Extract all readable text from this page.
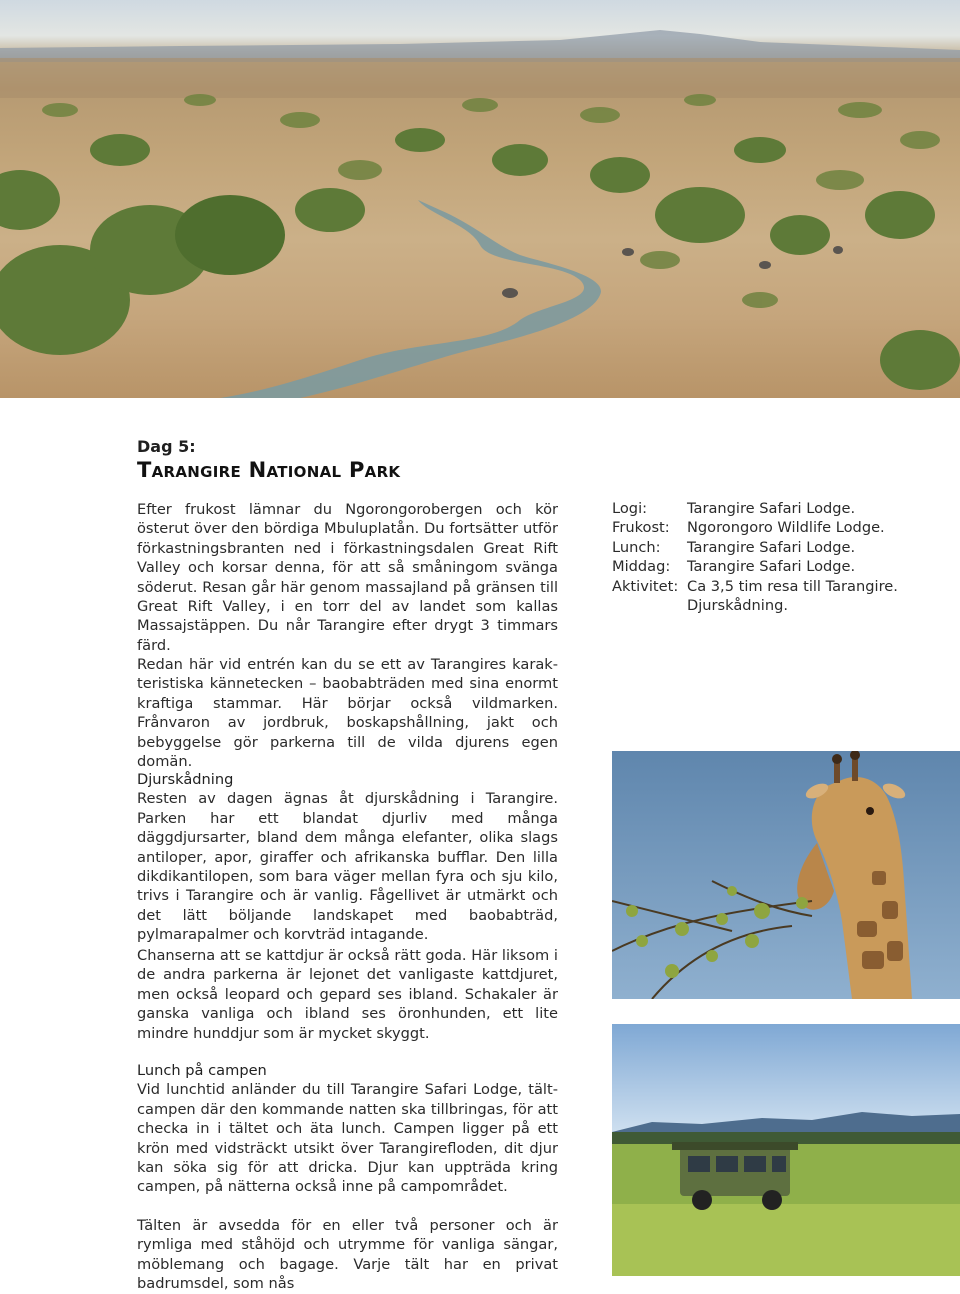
Dag 5:
Tarangire National Park

Efter frukost lämnar du Ngorongorobergen och kör österut över den bördiga Mbuluplatån. Du fortsätter utför förkastningsbranten ned i förkastningsdalen Great Rift Valley och korsar denna, för att så småningom svänga söderut. Resan går här genom massajland på gränsen till Great Rift Valley, i en torr del av landet som kallas Massajstäppen. Du når Tarangire efter drygt 3 timmars färd.

Redan här vid entrén kan du se ett av Tarangires karakteristiska kännetecken – baobabträden med sina enormt kraftiga stammar. Här börjar också vildmarken. Frånvaron av jordbruk, boskapshållning, jakt och bebyggelse gör parkerna till de vilda djurens egen domän.

Djurskådning

Resten av dagen ägnas åt djurskådning i Tarangire. Parken har ett blandat djurliv med många däggdjursarter, bland dem många elefanter, olika slags antiloper, apor, giraffer och afrikanska bufflar. Den lilla dikdikantilopen, som bara väger mellan fyra och sju kilo, trivs i Tarangire och är vanlig. Fågellivet är utmärkt och det lätt böljande landskapet med baobabträd, pylmarapalmer och korvträd intagande.

Chanserna att se kattdjur är också rätt goda. Här liksom i de andra parkerna är lejonet det vanligaste kattdjuret, men också leopard och gepard ses ibland. Schakaler är ganska vanliga och ibland ses öronhunden, ett lite mindre hunddjur som är mycket skyggt.

Lunch på campen

Vid lunchtid anländer du till Tarangire Safari Lodge, tältcampen där den kommande natten ska tillbringas, för att checka in i tältet och äta lunch. Campen ligger på ett krön med vidsträckt utsikt över Tarangirefloden, dit djur kan söka sig för att dricka. Djur kan uppträda kring campen, på nätterna också inne på campområdet.

Tälten är avsedda för en eller två personer och är rymliga med ståhöjd och utrymme för vanliga sängar, möblemang och bagage. Varje tält har en privat badrumsdel, som nås

Logi:	Tarangire Safari Lodge.
Frukost:	Ngorongoro Wildlife Lodge.
Lunch:	Tarangire Safari Lodge.
Middag:	Tarangire Safari Lodge.
Aktivitet: Ca 3,5 tim resa till Tarangire.
Djurskådning.
